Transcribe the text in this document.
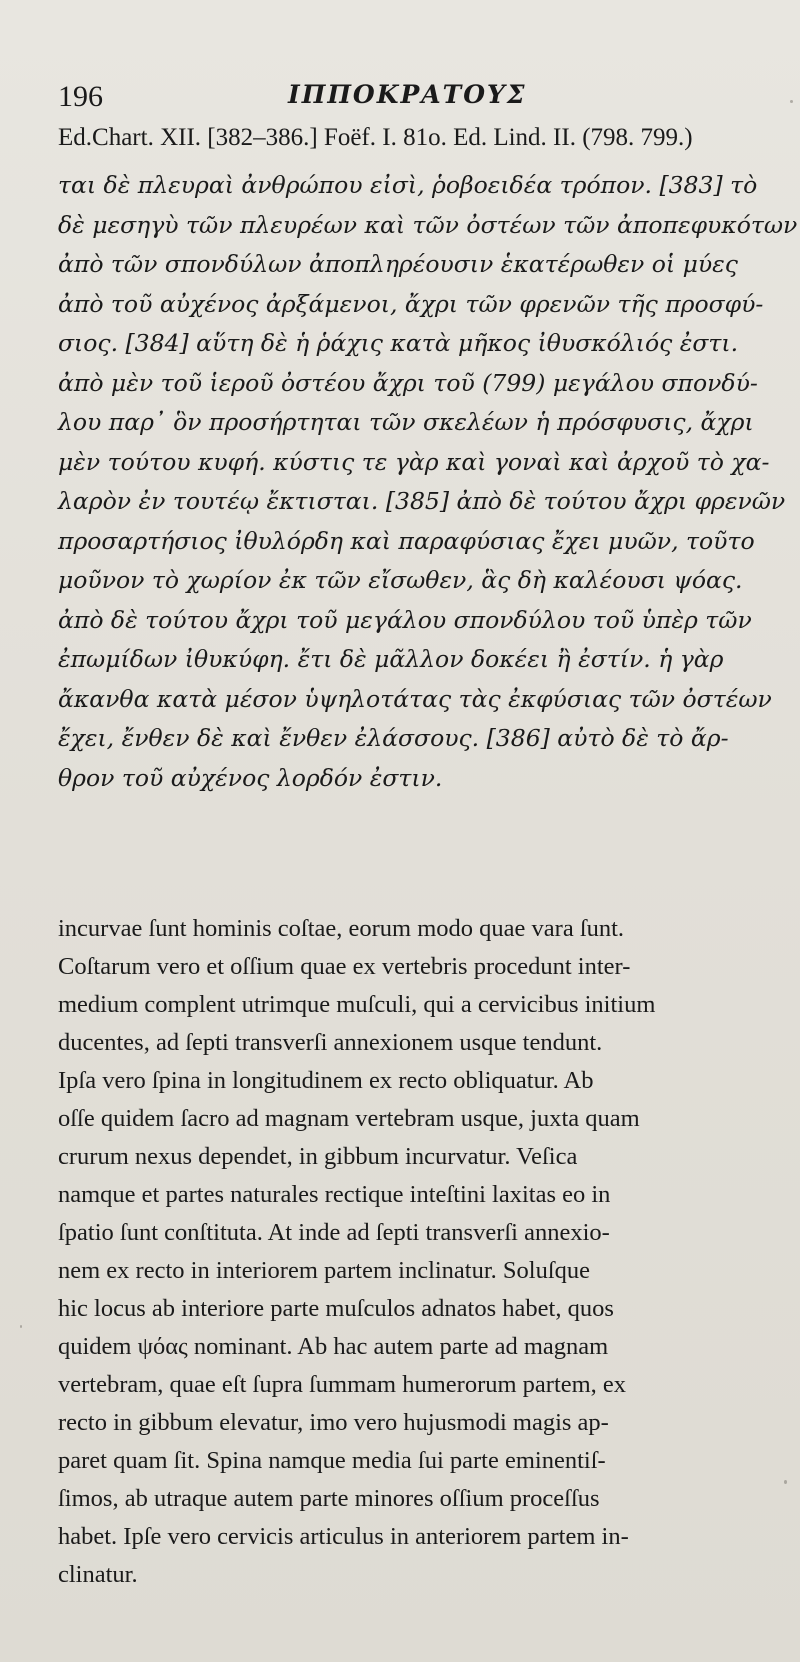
196	ΙΠΠΟΚΡΑΤΟΥΣ
Ed.Chart. XII. [382–386.] Foëf. I. 81o. Ed. Lind. II. (798. 799.)
ται δὲ πλευραὶ ἀνθρώπου εἰσὶ, ῥοβοειδέα τρόπον. [383] τὸ
δὲ μεσηγὺ τῶν πλευρέων καὶ τῶν ὀστέων τῶν ἀποπεφυκότων
ἀπὸ τῶν σπονδύλων ἀποπληρέουσιν ἑκατέρωθεν οἱ μύες
ἀπὸ τοῦ αὐχένος ἀρξάμενοι, ἄχρι τῶν φρενῶν τῆς προσφύ-
σιος. [384] αὕτη δὲ ἡ ῥάχις κατὰ μῆκος ἰθυσκόλιός ἐστι.
ἀπὸ μὲν τοῦ ἱεροῦ ὀστέου ἄχρι τοῦ (799) μεγάλου σπονδύ-
λου παρ᾽ ὃν προσήρτηται τῶν σκελέων ἡ πρόσφυσις, ἄχρι
μὲν τούτου κυφή. κύστις τε γὰρ καὶ γοναὶ καὶ ἀρχοῦ τὸ χα-
λαρὸν ἐν τουτέῳ ἔκτισται. [385] ἀπὸ δὲ τούτου ἄχρι φρενῶν
προσαρτήσιος ἰθυλόρδη καὶ παραφύσιας ἔχει μυῶν, τοῦτο
μοῦνον τὸ χωρίον ἐκ τῶν εἴσωθεν, ἃς δὴ καλέουσι ψόας.
ἀπὸ δὲ τούτου ἄχρι τοῦ μεγάλου σπονδύλου τοῦ ὑπὲρ τῶν
ἐπωμίδων ἰθυκύφη. ἔτι δὲ μᾶλλον δοκέει ἢ ἐστίν. ἡ γὰρ
ἄκανθα κατὰ μέσον ὑψηλοτάτας τὰς ἐκφύσιας τῶν ὀστέων
ἔχει, ἔνθεν δὲ καὶ ἔνθεν ἐλάσσους. [386] αὐτὸ δὲ τὸ ἄρ-
θρον τοῦ αὐχένος λορδόν ἐστιν.
incurvae ſunt hominis coſtae, eorum modo quae vara ſunt.
Coſtarum vero et oſſium quae ex vertebris procedunt inter-
medium complent utrimque muſculi, qui a cervicibus initium
ducentes, ad ſepti transverſi annexionem usque tendunt.
Ipſa vero ſpina in longitudinem ex recto obliquatur. Ab
oſſe quidem ſacro ad magnam vertebram usque, juxta quam
crurum nexus dependet, in gibbum incurvatur. Veſica
namque et partes naturales rectique inteſtini laxitas eo in
ſpatio ſunt conſtituta. At inde ad ſepti transverſi annexio-
nem ex recto in interiorem partem inclinatur. Soluſque
hic locus ab interiore parte muſculos adnatos habet, quos
quidem ψόας nominant. Ab hac autem parte ad magnam
vertebram, quae eſt ſupra ſummam humerorum partem, ex
recto in gibbum elevatur, imo vero hujusmodi magis ap-
paret quam ſit. Spina namque media ſui parte eminentiſ-
ſimos, ab utraque autem parte minores oſſium proceſſus
habet. Ipſe vero cervicis articulus in anteriorem partem in-
clinatur.
